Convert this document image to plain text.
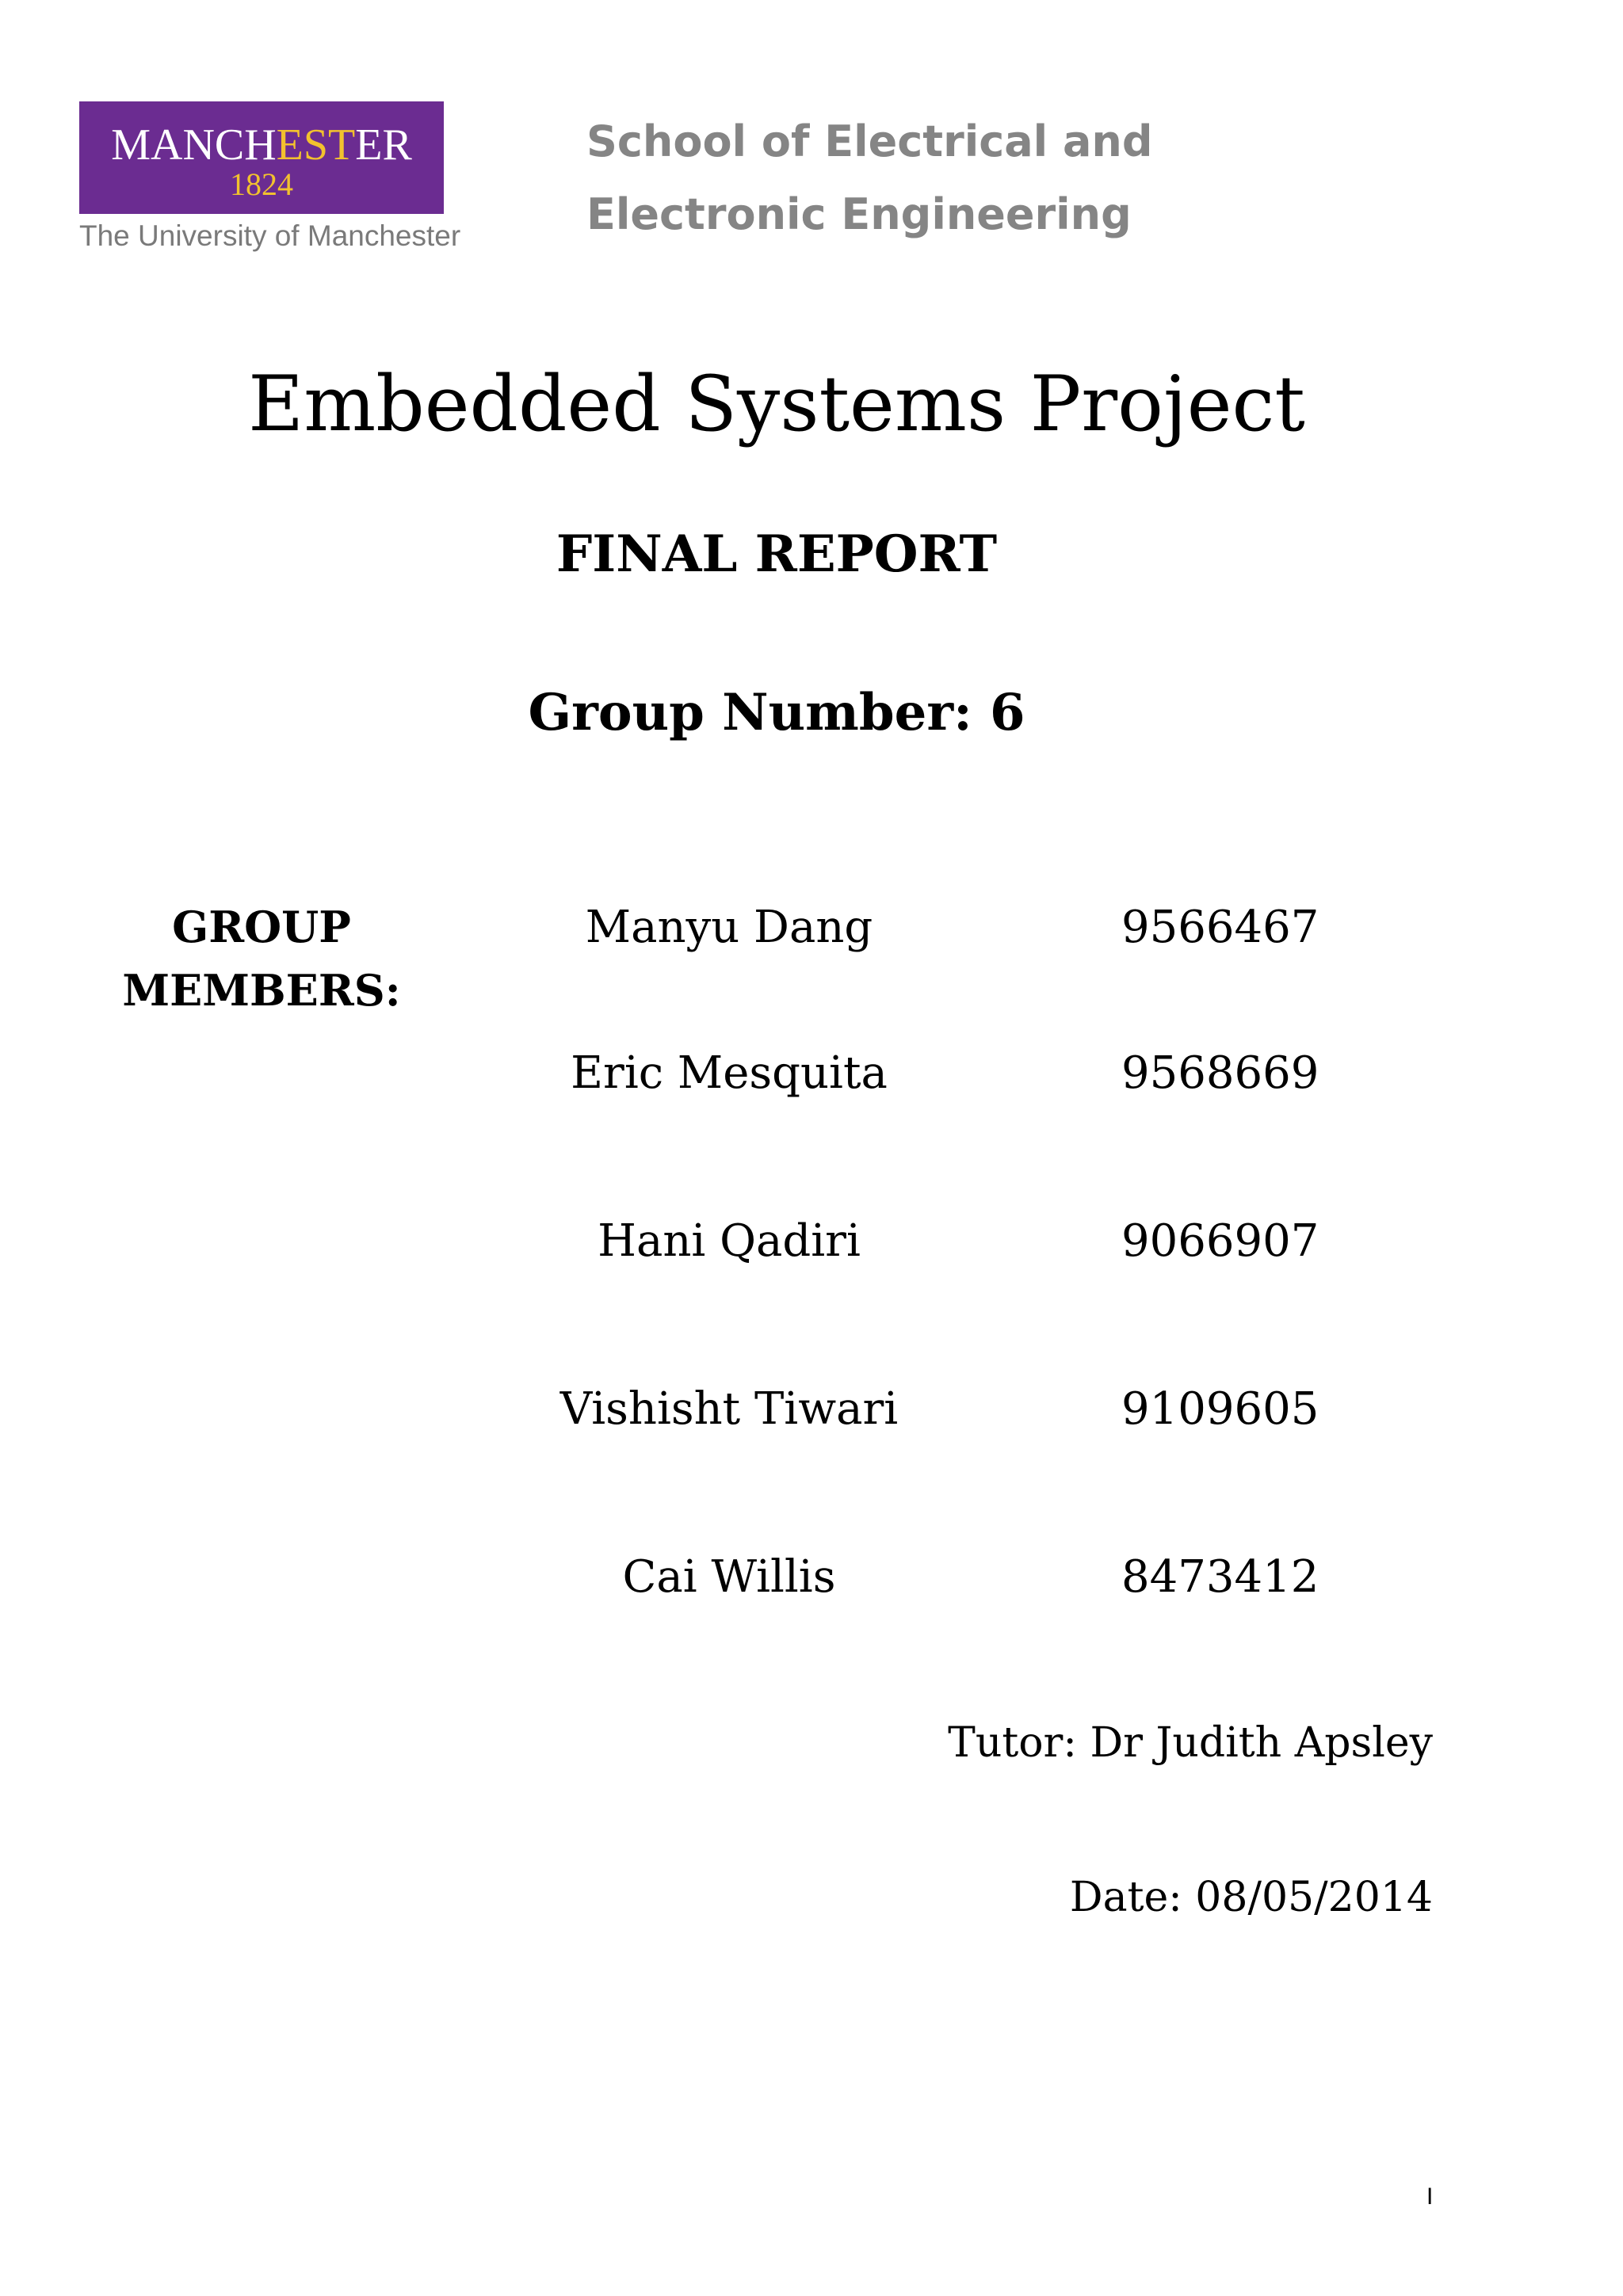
MANCHESTER
1824
The University of Manchester
School of Electrical and Electronic Engineering
Embedded Systems Project
FINAL REPORT
Group Number: 6
GROUP MEMBERS:
Manyu Dang	9566467
Eric Mesquita	9568669
Hani Qadiri	9066907
Vishisht Tiwari	9109605
Cai Willis	8473412
Tutor: Dr Judith Apsley
Date: 08/05/2014
I
